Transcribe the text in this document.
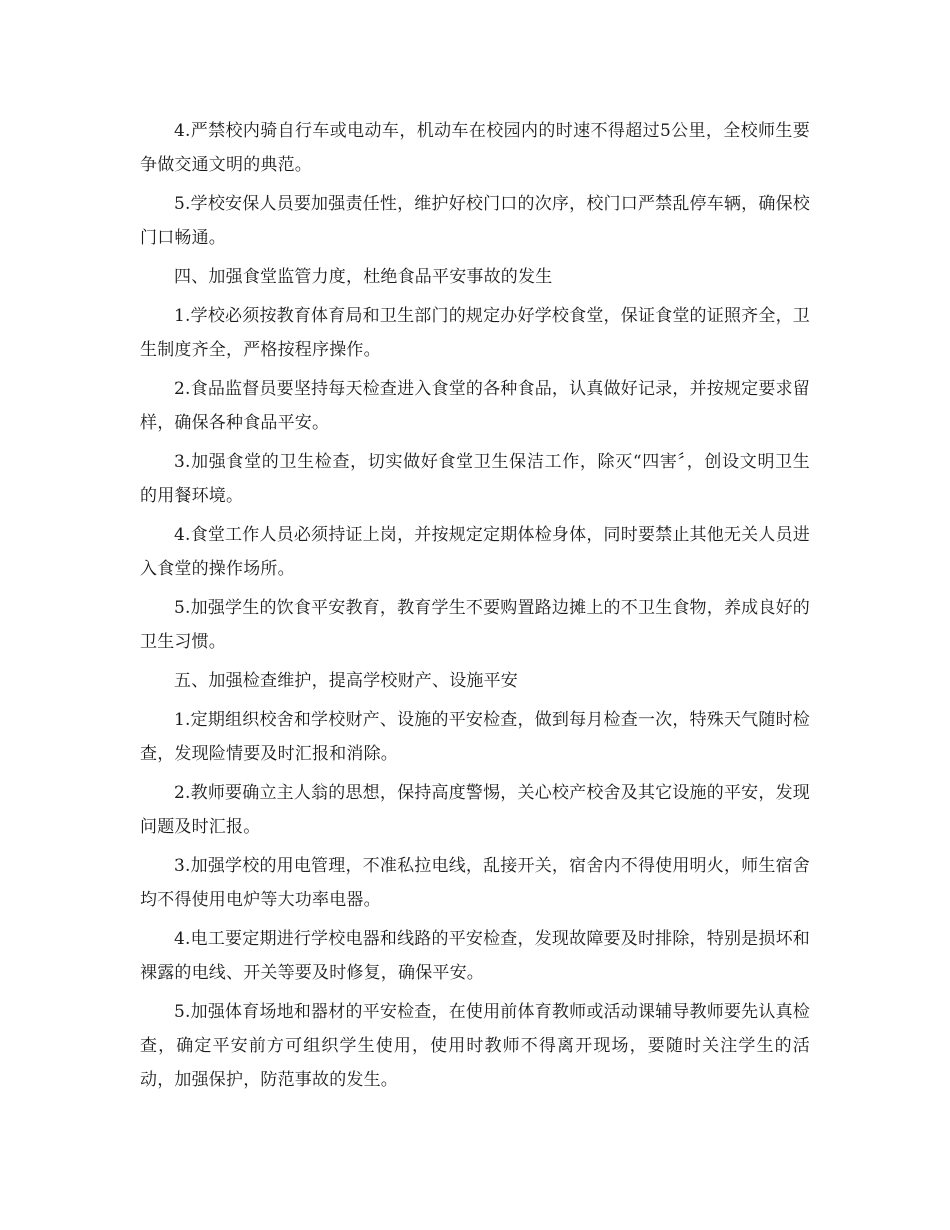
4.严禁校内骑自行车或电动车，机动车在校园内的时速不得超过5公里，全校师生要争做交通文明的典范。

5.学校安保人员要加强责任性，维护好校门口的次序，校门口严禁乱停车辆，确保校门口畅通。

四、加强食堂监管力度，杜绝食品平安事故的发生

1.学校必须按教育体育局和卫生部门的规定办好学校食堂，保证食堂的证照齐全，卫生制度齐全，严格按程序操作。

2.食品监督员要坚持每天检查进入食堂的各种食品，认真做好记录，并按规定要求留样，确保各种食品平安。

3.加强食堂的卫生检查，切实做好食堂卫生保洁工作，除灭“四害〞，创设文明卫生的用餐环境。

4.食堂工作人员必须持证上岗，并按规定定期体检身体，同时要禁止其他无关人员进入食堂的操作场所。

5.加强学生的饮食平安教育，教育学生不要购置路边摊上的不卫生食物，养成良好的卫生习惯。

五、加强检查维护，提高学校财产、设施平安

1.定期组织校舍和学校财产、设施的平安检查，做到每月检查一次，特殊天气随时检查，发现险情要及时汇报和消除。

2.教师要确立主人翁的思想，保持高度警惕，关心校产校舍及其它设施的平安，发现问题及时汇报。

3.加强学校的用电管理，不准私拉电线，乱接开关，宿舍内不得使用明火，师生宿舍均不得使用电炉等大功率电器。

4.电工要定期进行学校电器和线路的平安检查，发现故障要及时排除，特别是损坏和裸露的电线、开关等要及时修复，确保平安。

5.加强体育场地和器材的平安检查，在使用前体育教师或活动课辅导教师要先认真检查，确定平安前方可组织学生使用，使用时教师不得离开现场，要随时关注学生的活动，加强保护，防范事故的发生。
